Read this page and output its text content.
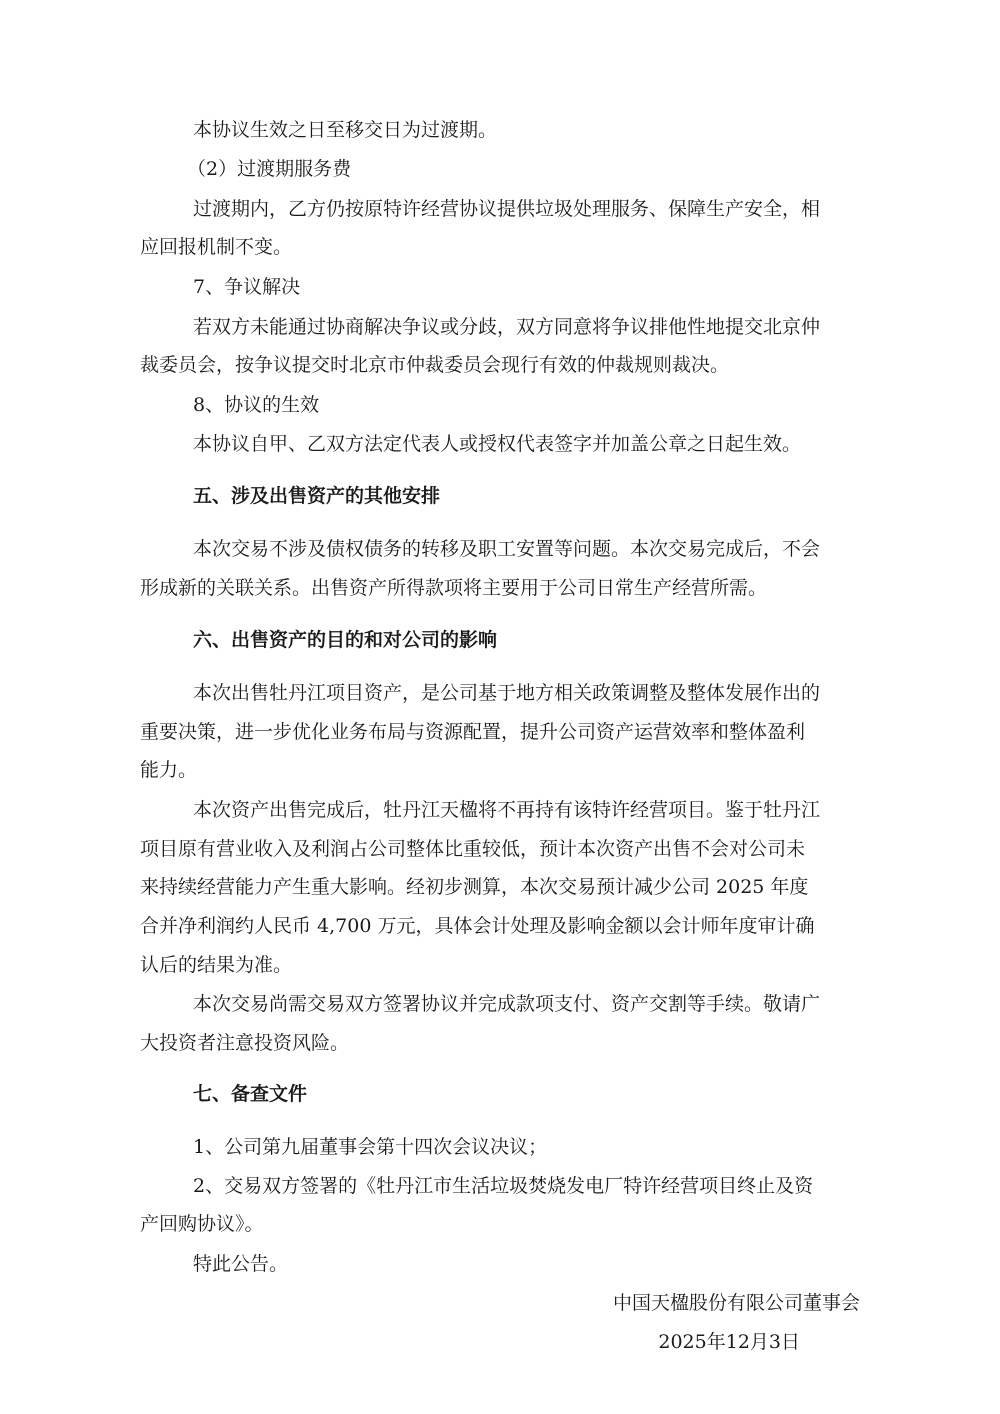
本协议生效之日至移交日为过渡期。
（2）过渡期服务费
过渡期内，乙方仍按原特许经营协议提供垃圾处理服务、保障生产安全，相
应回报机制不变。
7、争议解决
若双方未能通过协商解决争议或分歧，双方同意将争议排他性地提交北京仲
裁委员会，按争议提交时北京市仲裁委员会现行有效的仲裁规则裁决。
8、协议的生效
本协议自甲、乙双方法定代表人或授权代表签字并加盖公章之日起生效。
五、涉及出售资产的其他安排
本次交易不涉及债权债务的转移及职工安置等问题。本次交易完成后，不会
形成新的关联关系。出售资产所得款项将主要用于公司日常生产经营所需。
六、出售资产的目的和对公司的影响
本次出售牡丹江项目资产，是公司基于地方相关政策调整及整体发展作出的
重要决策，进一步优化业务布局与资源配置，提升公司资产运营效率和整体盈利
能力。
本次资产出售完成后，牡丹江天楹将不再持有该特许经营项目。鉴于牡丹江
项目原有营业收入及利润占公司整体比重较低，预计本次资产出售不会对公司未
来持续经营能力产生重大影响。经初步测算，本次交易预计减少公司 2025 年度
合并净利润约人民币 4,700 万元，具体会计处理及影响金额以会计师年度审计确
认后的结果为准。
本次交易尚需交易双方签署协议并完成款项支付、资产交割等手续。敬请广
大投资者注意投资风险。
七、备查文件
1、公司第九届董事会第十四次会议决议；
2、交易双方签署的《牡丹江市生活垃圾焚烧发电厂特许经营项目终止及资
产回购协议》。
特此公告。
中国天楹股份有限公司董事会
2025年12月3日
